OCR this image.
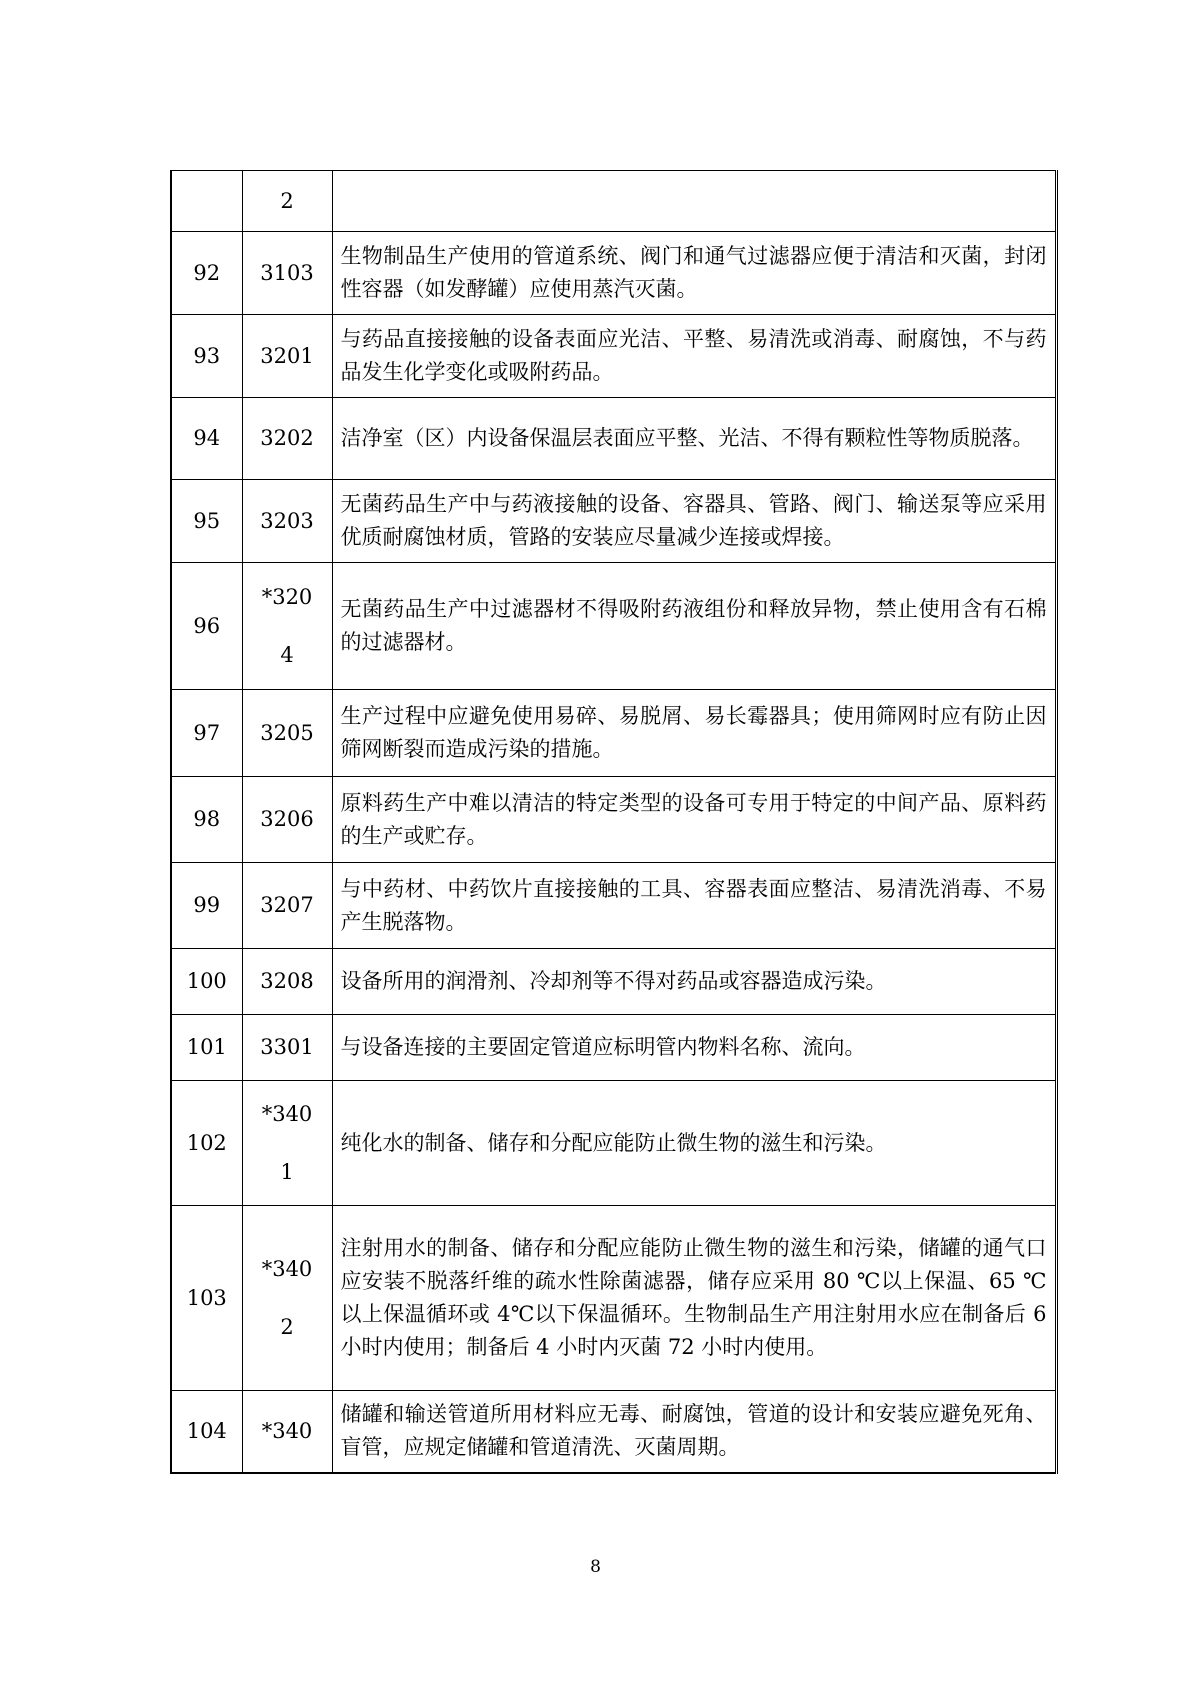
	2	
92	3103	生物制品生产使用的管道系统、阀门和通气过滤器应便于清洁和灭菌，封闭性容器（如发酵罐）应使用蒸汽灭菌。
93	3201	与药品直接接触的设备表面应光洁、平整、易清洗或消毒、耐腐蚀，不与药品发生化学变化或吸附药品。
94	3202	洁净室（区）内设备保温层表面应平整、光洁、不得有颗粒性等物质脱落。
95	3203	无菌药品生产中与药液接触的设备、容器具、管路、阀门、输送泵等应采用优质耐腐蚀材质，管路的安装应尽量减少连接或焊接。
96	*3204	无菌药品生产中过滤器材不得吸附药液组份和释放异物，禁止使用含有石棉的过滤器材。
97	3205	生产过程中应避免使用易碎、易脱屑、易长霉器具；使用筛网时应有防止因筛网断裂而造成污染的措施。
98	3206	原料药生产中难以清洁的特定类型的设备可专用于特定的中间产品、原料药的生产或贮存。
99	3207	与中药材、中药饮片直接接触的工具、容器表面应整洁、易清洗消毒、不易产生脱落物。
100	3208	设备所用的润滑剂、冷却剂等不得对药品或容器造成污染。
101	3301	与设备连接的主要固定管道应标明管内物料名称、流向。
102	*3401	纯化水的制备、储存和分配应能防止微生物的滋生和污染。
103	*3402	注射用水的制备、储存和分配应能防止微生物的滋生和污染，储罐的通气口应安装不脱落纤维的疏水性除菌滤器，储存应采用 80 ℃以上保温、65 ℃以上保温循环或 4℃以下保温循环。生物制品生产用注射用水应在制备后 6 小时内使用；制备后 4 小时内灭菌 72 小时内使用。
104	*340	储罐和输送管道所用材料应无毒、耐腐蚀，管道的设计和安装应避免死角、盲管，应规定储罐和管道清洗、灭菌周期。
8
